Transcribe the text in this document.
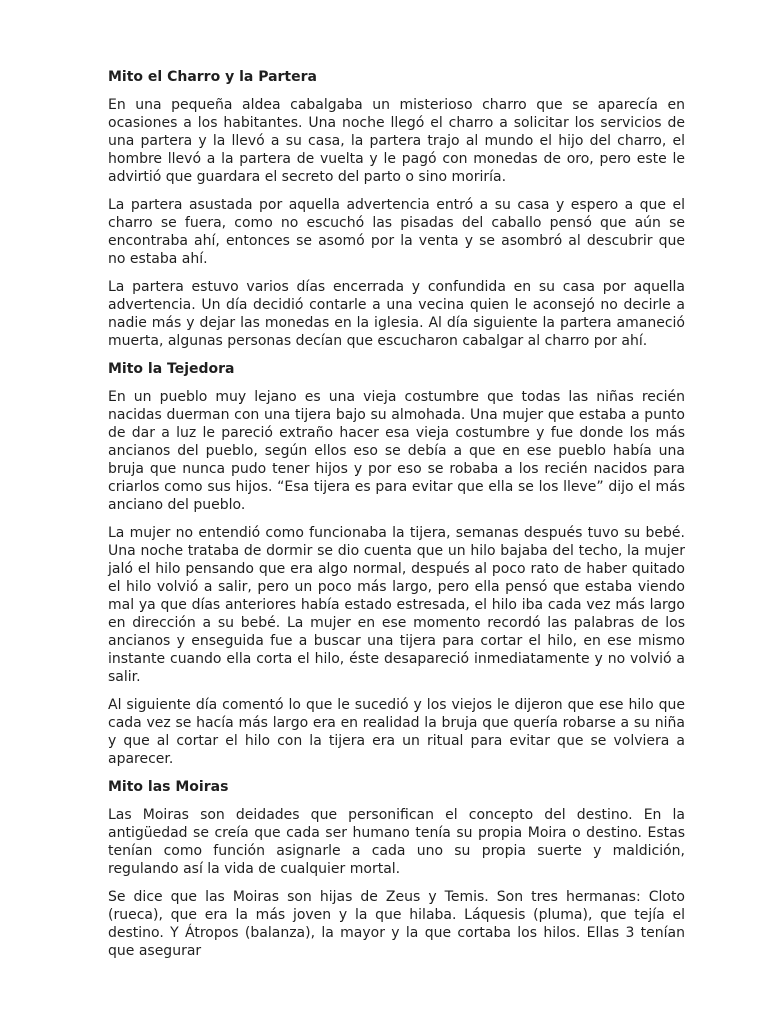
Mito el Charro y la Partera

En una pequeña aldea cabalgaba un misterioso charro que se aparecía en ocasiones a los habitantes. Una noche llegó el charro a solicitar los servicios de una partera y la llevó a su casa, la partera trajo al mundo el hijo del charro, el hombre llevó a la partera de vuelta y le pagó con monedas de oro, pero este le advirtió que guardara el secreto del parto o sino moriría.

La partera asustada por aquella advertencia entró a su casa y espero a que el charro se fuera, como no escuchó las pisadas del caballo pensó que aún se encontraba ahí, entonces se asomó por la venta y se asombró al descubrir que no estaba ahí.

La partera estuvo varios días encerrada y confundida en su casa por aquella advertencia. Un día decidió contarle a una vecina quien le aconsejó no decirle a nadie más y dejar las monedas en la iglesia. Al día siguiente la partera amaneció muerta, algunas personas decían que escucharon cabalgar al charro por ahí.

Mito la Tejedora

En un pueblo muy lejano es una vieja costumbre que todas las niñas recién nacidas duerman con una tijera bajo su almohada. Una mujer que estaba a punto de dar a luz le pareció extraño hacer esa vieja costumbre y fue donde los más ancianos del pueblo, según ellos eso se debía a que en ese pueblo había una bruja que nunca pudo tener hijos y por eso se robaba a los recién nacidos para criarlos como sus hijos. “Esa tijera es para evitar que ella se los lleve” dijo el más anciano del pueblo.

La mujer no entendió como funcionaba la tijera, semanas después tuvo su bebé. Una noche trataba de dormir se dio cuenta que un hilo bajaba del techo, la mujer jaló el hilo pensando que era algo normal, después al poco rato de haber quitado el hilo volvió a salir, pero un poco más largo, pero ella pensó que estaba viendo mal ya que días anteriores había estado estresada, el hilo iba cada vez más largo en dirección a su bebé. La mujer en ese momento recordó las palabras de los ancianos y enseguida fue a buscar una tijera para cortar el hilo, en ese mismo instante cuando ella corta el hilo, éste desapareció inmediatamente y no volvió a salir.

Al siguiente día comentó lo que le sucedió y los viejos le dijeron que ese hilo que cada vez se hacía más largo era en realidad la bruja que quería robarse a su niña y que al cortar el hilo con la tijera era un ritual para evitar que se volviera a aparecer.

Mito las Moiras

Las Moiras son deidades que personifican el concepto del destino. En la antigüedad se creía que cada ser humano tenía su propia Moira o destino. Estas tenían como función asignarle a cada uno su propia suerte y maldición, regulando así la vida de cualquier mortal.

Se dice que las Moiras son hijas de Zeus y Temis. Son tres hermanas: Cloto (rueca), que era la más joven y la que hilaba. Láquesis (pluma), que tejía el destino. Y Átropos (balanza), la mayor y la que cortaba los hilos. Ellas 3 tenían que asegurar
